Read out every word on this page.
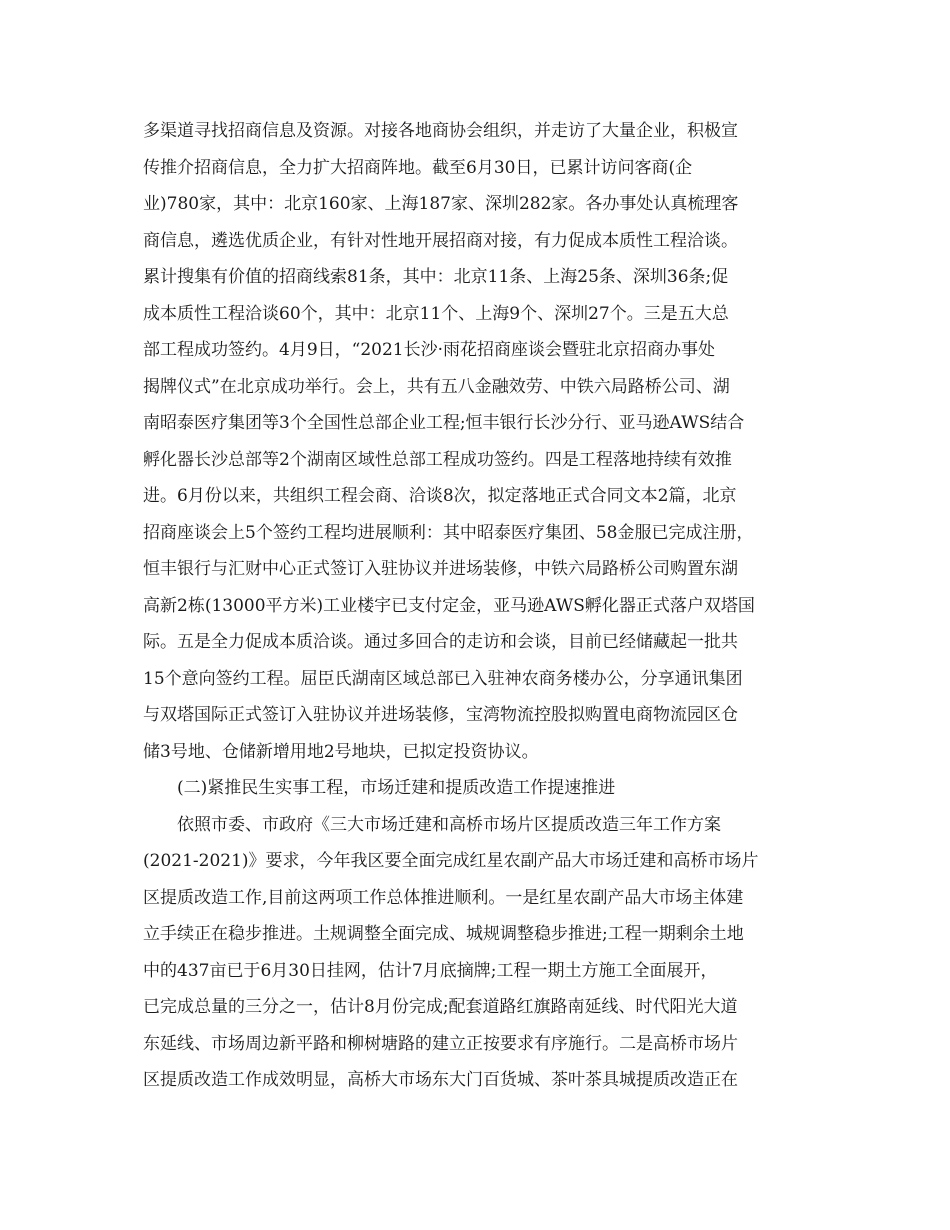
多渠道寻找招商信息及资源。对接各地商协会组织，并走访了大量企业，积极宣
传推介招商信息，全力扩大招商阵地。截至6月30日，已累计访问客商(企
业)780家，其中：北京160家、上海187家、深圳282家。各办事处认真梳理客
商信息，遴选优质企业，有针对性地开展招商对接，有力促成本质性工程洽谈。
累计搜集有价值的招商线索81条，其中：北京11条、上海25条、深圳36条;促
成本质性工程洽谈60个，其中：北京11个、上海9个、深圳27个。三是五大总
部工程成功签约。4月9日，“2021长沙·雨花招商座谈会暨驻北京招商办事处
揭牌仪式”在北京成功举行。会上，共有五八金融效劳、中铁六局路桥公司、湖
南昭泰医疗集团等3个全国性总部企业工程;恒丰银行长沙分行、亚马逊AWS结合
孵化器长沙总部等2个湖南区域性总部工程成功签约。四是工程落地持续有效推
进。6月份以来，共组织工程会商、洽谈8次，拟定落地正式合同文本2篇，北京
招商座谈会上5个签约工程均进展顺利：其中昭泰医疗集团、58金服已完成注册，
恒丰银行与汇财中心正式签订入驻协议并进场装修，中铁六局路桥公司购置东湖
高新2栋(13000平方米)工业楼宇已支付定金，亚马逊AWS孵化器正式落户双塔国
际。五是全力促成本质洽谈。通过多回合的走访和会谈，目前已经储藏起一批共
15个意向签约工程。屈臣氏湖南区域总部已入驻神农商务楼办公，分享通讯集团
与双塔国际正式签订入驻协议并进场装修，宝湾物流控股拟购置电商物流园区仓
储3号地、仓储新增用地2号地块，已拟定投资协议。
(二)紧推民生实事工程，市场迁建和提质改造工作提速推进
依照市委、市政府《三大市场迁建和高桥市场片区提质改造三年工作方案
(2021-2021)》要求，今年我区要全面完成红星农副产品大市场迁建和高桥市场片
区提质改造工作,目前这两项工作总体推进顺利。一是红星农副产品大市场主体建
立手续正在稳步推进。土规调整全面完成、城规调整稳步推进;工程一期剩余土地
中的437亩已于6月30日挂网，估计7月底摘牌;工程一期土方施工全面展开，
已完成总量的三分之一，估计8月份完成;配套道路红旗路南延线、时代阳光大道
东延线、市场周边新平路和柳树塘路的建立正按要求有序施行。二是高桥市场片
区提质改造工作成效明显，高桥大市场东大门百货城、茶叶茶具城提质改造正在
